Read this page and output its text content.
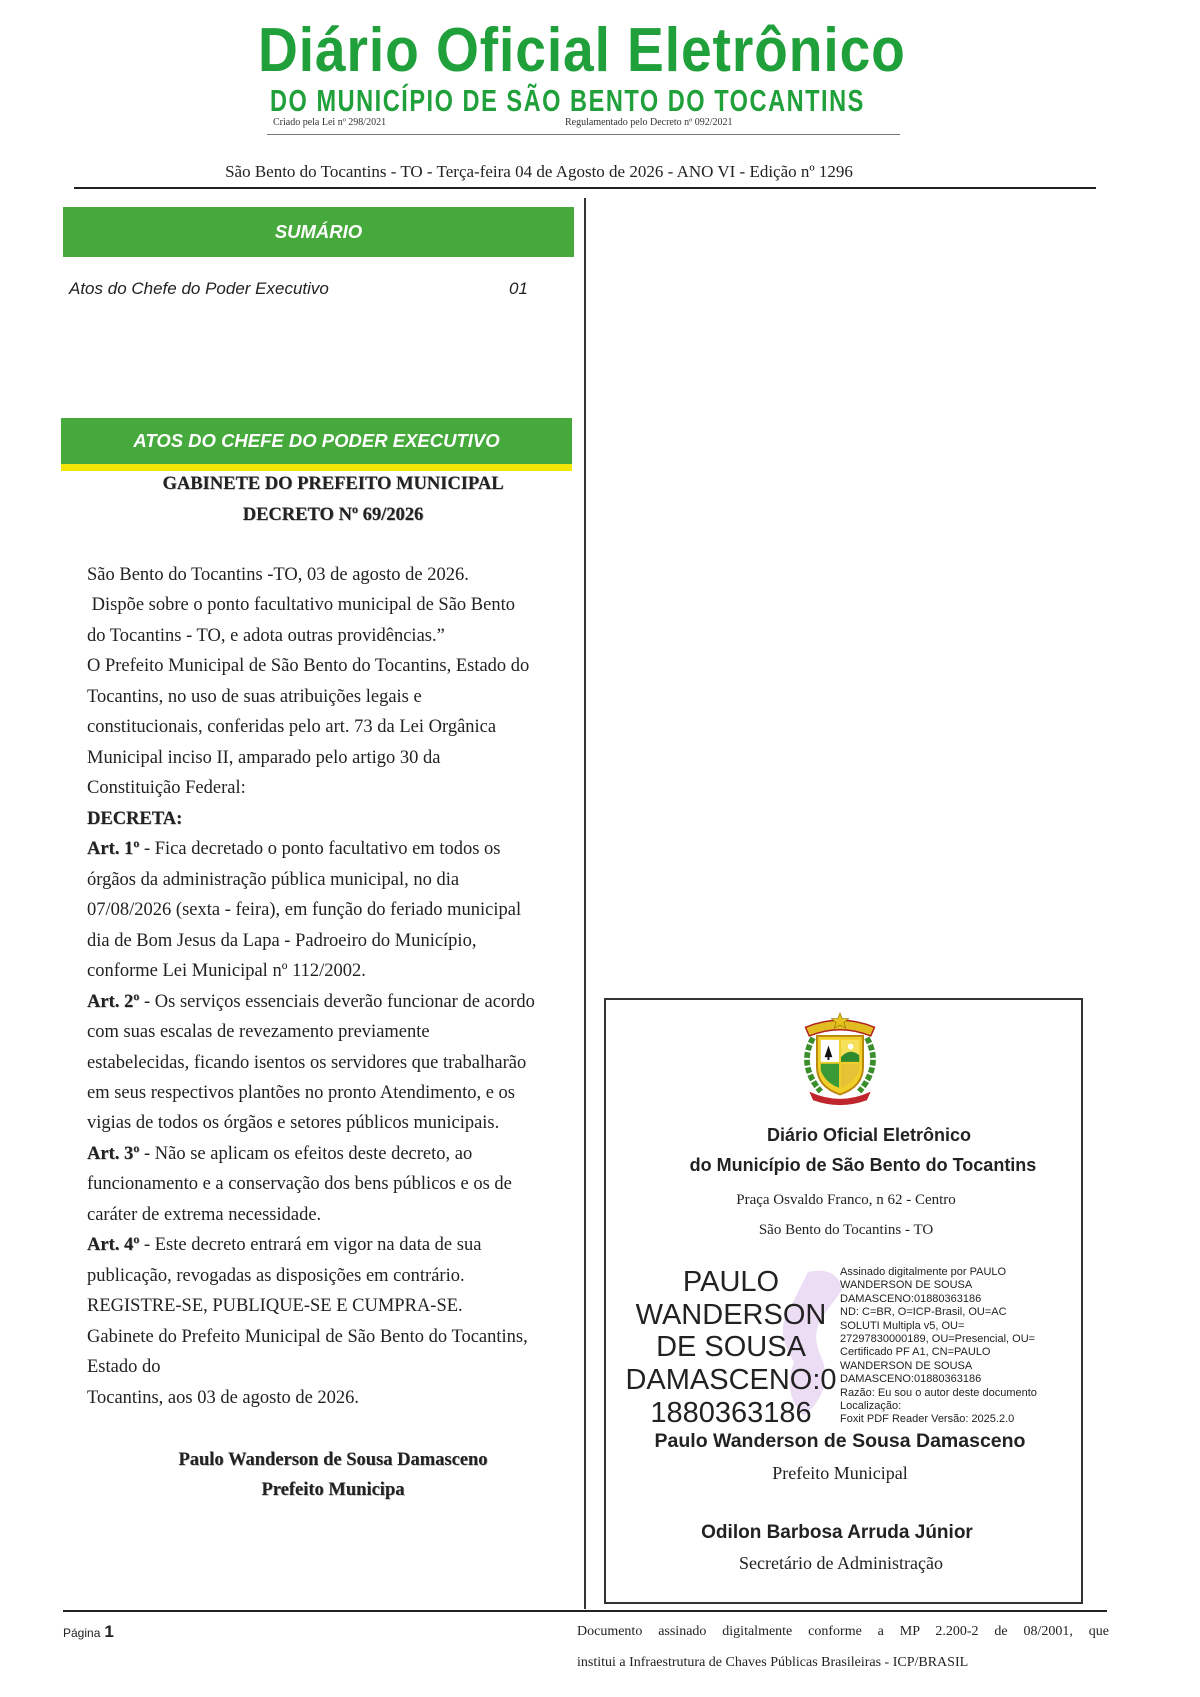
Diário Oficial Eletrônico
DO MUNICÍPIO DE SÃO BENTO DO TOCANTINS
Criado pela Lei nº 298/2021	Regulamentado pelo Decreto nº 092/2021
São Bento do Tocantins - TO - Terça-feira 04 de Agosto de 2026 - ANO VI - Edição nº 1296
SUMÁRIO
Atos do Chefe do Poder Executivo	01
ATOS DO CHEFE DO PODER EXECUTIVO
GABINETE DO PREFEITO MUNICIPAL
DECRETO Nº 69/2026
São Bento do Tocantins -TO, 03 de agosto de 2026.
Dispõe sobre o ponto facultativo municipal de São Bento
do Tocantins - TO, e adota outras providências.”
O Prefeito Municipal de São Bento do Tocantins, Estado do
Tocantins, no uso de suas atribuições legais e
constitucionais, conferidas pelo art. 73 da Lei Orgânica
Municipal inciso II, amparado pelo artigo 30 da
Constituição Federal:
DECRETA:
Art. 1º - Fica decretado o ponto facultativo em todos os
órgãos da administração pública municipal, no dia
07/08/2026 (sexta - feira), em função do feriado municipal
dia de Bom Jesus da Lapa - Padroeiro do Município,
conforme Lei Municipal nº 112/2002.
Art. 2º - Os serviços essenciais deverão funcionar de acordo
com suas escalas de revezamento previamente
estabelecidas, ficando isentos os servidores que trabalharão
em seus respectivos plantões no pronto Atendimento, e os
vigias de todos os órgãos e setores públicos municipais.
Art. 3º - Não se aplicam os efeitos deste decreto, ao
funcionamento e a conservação dos bens públicos e os de
caráter de extrema necessidade.
Art. 4º - Este decreto entrará em vigor na data de sua
publicação, revogadas as disposições em contrário.
REGISTRE-SE, PUBLIQUE-SE E CUMPRA-SE.
Gabinete do Prefeito Municipal de São Bento do Tocantins,
Estado do
Tocantins, aos 03 de agosto de 2026.
Paulo Wanderson de Sousa Damasceno
Prefeito Municipa
Diário Oficial Eletrônico
do Município de São Bento do Tocantins
Praça Osvaldo Franco, n 62 - Centro
São Bento do Tocantins - TO
PAULO
WANDERSON
DE SOUSA
DAMASCENO:0
1880363186
Assinado digitalmente por PAULO
WANDERSON DE SOUSA
DAMASCENO:01880363186
ND: C=BR, O=ICP-Brasil, OU=AC
SOLUTI Multipla v5, OU=
27297830000189, OU=Presencial, OU=
Certificado PF A1, CN=PAULO
WANDERSON DE SOUSA
DAMASCENO:01880363186
Razão: Eu sou o autor deste documento
Localização:
Foxit PDF Reader Versão: 2025.2.0
Paulo Wanderson de Sousa Damasceno
Prefeito Municipal
Odilon Barbosa Arruda Júnior
Secretário de Administração
Página 1	Documento assinado digitalmente conforme a MP 2.200-2 de 08/2001, que
institui a Infraestrutura de Chaves Públicas Brasileiras - ICP/BRASIL
